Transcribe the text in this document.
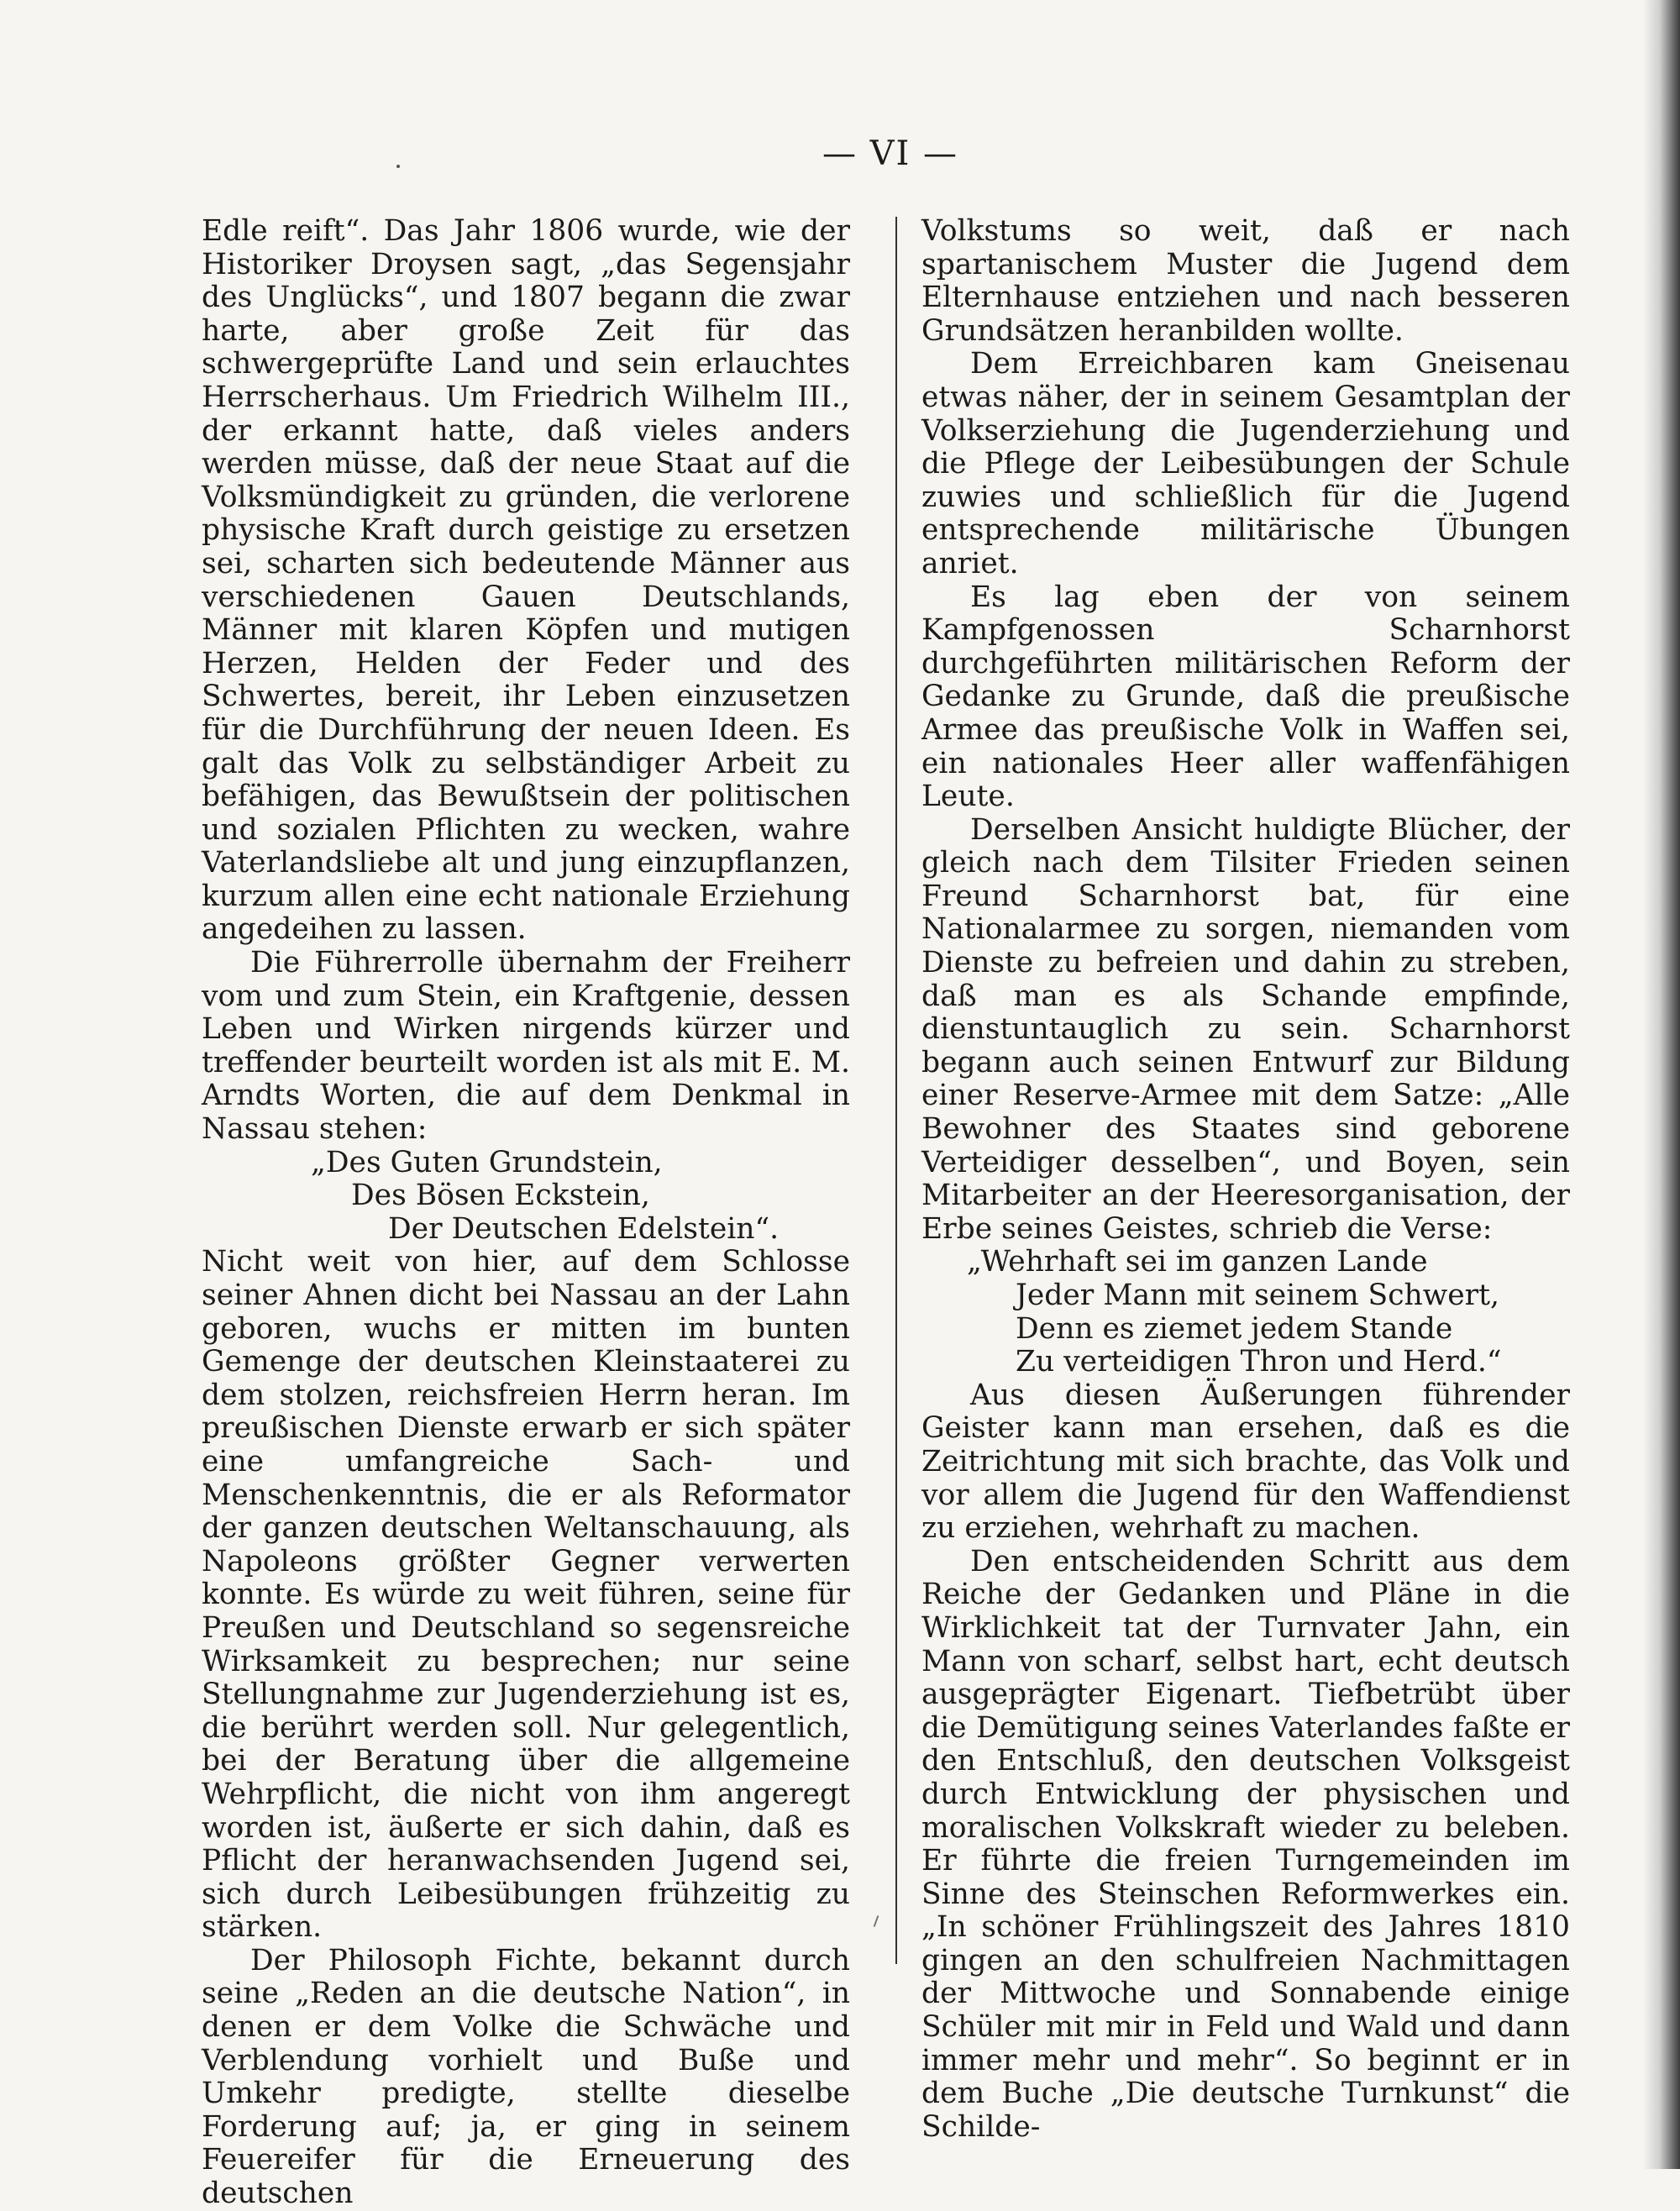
— VI —

Edle reift“. Das Jahr 1806 wurde, wie der Historiker Droysen sagt, „das Segensjahr des Unglücks“, und 1807 begann die zwar harte, aber große Zeit für das schwergeprüfte Land und sein erlauchtes Herrscherhaus. Um Friedrich Wilhelm III., der erkannt hatte, daß vieles anders werden müsse, daß der neue Staat auf die Volksmündigkeit zu gründen, die verlorene physische Kraft durch geistige zu ersetzen sei, scharten sich bedeutende Männer aus verschiedenen Gauen Deutschlands, Männer mit klaren Köpfen und mutigen Herzen, Helden der Feder und des Schwertes, bereit, ihr Leben einzusetzen für die Durchführung der neuen Ideen. Es galt das Volk zu selbständiger Arbeit zu befähigen, das Bewußtsein der politischen und sozialen Pflichten zu wecken, wahre Vaterlandsliebe alt und jung einzupflanzen, kurzum allen eine echt nationale Erziehung angedeihen zu lassen.

Die Führerrolle übernahm der Freiherr vom und zum Stein, ein Kraftgenie, dessen Leben und Wirken nirgends kürzer und treffender beurteilt worden ist als mit E. M. Arndts Worten, die auf dem Denkmal in Nassau stehen:

„Des Guten Grundstein,
Des Bösen Eckstein,
Der Deutschen Edelstein“.

Nicht weit von hier, auf dem Schlosse seiner Ahnen dicht bei Nassau an der Lahn geboren, wuchs er mitten im bunten Gemenge der deutschen Kleinstaaterei zu dem stolzen, reichsfreien Herrn heran. Im preußischen Dienste erwarb er sich später eine umfangreiche Sach- und Menschenkenntnis, die er als Reformator der ganzen deutschen Weltanschauung, als Napoleons größter Gegner verwerten konnte. Es würde zu weit führen, seine für Preußen und Deutschland so segensreiche Wirksamkeit zu besprechen; nur seine Stellungnahme zur Jugenderziehung ist es, die berührt werden soll. Nur gelegentlich, bei der Beratung über die allgemeine Wehrpflicht, die nicht von ihm angeregt worden ist, äußerte er sich dahin, daß es Pflicht der heranwachsenden Jugend sei, sich durch Leibesübungen frühzeitig zu stärken.

Der Philosoph Fichte, bekannt durch seine „Reden an die deutsche Nation“, in denen er dem Volke die Schwäche und Verblendung vorhielt und Buße und Umkehr predigte, stellte dieselbe Forderung auf; ja, er ging in seinem Feuereifer für die Erneuerung des deutschen

Volkstums so weit, daß er nach spartanischem Muster die Jugend dem Elternhause entziehen und nach besseren Grundsätzen heranbilden wollte.

Dem Erreichbaren kam Gneisenau etwas näher, der in seinem Gesamtplan der Volkserziehung die Jugenderziehung und die Pflege der Leibesübungen der Schule zuwies und schließlich für die Jugend entsprechende militärische Übungen anriet.

Es lag eben der von seinem Kampfgenossen Scharnhorst durchgeführten militärischen Reform der Gedanke zu Grunde, daß die preußische Armee das preußische Volk in Waffen sei, ein nationales Heer aller waffenfähigen Leute.

Derselben Ansicht huldigte Blücher, der gleich nach dem Tilsiter Frieden seinen Freund Scharnhorst bat, für eine Nationalarmee zu sorgen, niemanden vom Dienste zu befreien und dahin zu streben, daß man es als Schande empfinde, dienstuntauglich zu sein. Scharnhorst begann auch seinen Entwurf zur Bildung einer Reserve-Armee mit dem Satze: „Alle Bewohner des Staates sind geborene Verteidiger desselben“, und Boyen, sein Mitarbeiter an der Heeresorganisation, der Erbe seines Geistes, schrieb die Verse:

„Wehrhaft sei im ganzen Lande
Jeder Mann mit seinem Schwert,
Denn es ziemet jedem Stande
Zu verteidigen Thron und Herd.“

Aus diesen Äußerungen führender Geister kann man ersehen, daß es die Zeitrichtung mit sich brachte, das Volk und vor allem die Jugend für den Waffendienst zu erziehen, wehrhaft zu machen.

Den entscheidenden Schritt aus dem Reiche der Gedanken und Pläne in die Wirklichkeit tat der Turnvater Jahn, ein Mann von scharf, selbst hart, echt deutsch ausgeprägter Eigenart. Tiefbetrübt über die Demütigung seines Vaterlandes faßte er den Entschluß, den deutschen Volksgeist durch Entwicklung der physischen und moralischen Volkskraft wieder zu beleben. Er führte die freien Turngemeinden im Sinne des Steinschen Reformwerkes ein. „In schöner Frühlingszeit des Jahres 1810 gingen an den schulfreien Nachmittagen der Mittwoche und Sonnabende einige Schüler mit mir in Feld und Wald und dann immer mehr und mehr“. So beginnt er in dem Buche „Die deutsche Turnkunst“ die Schilde-
